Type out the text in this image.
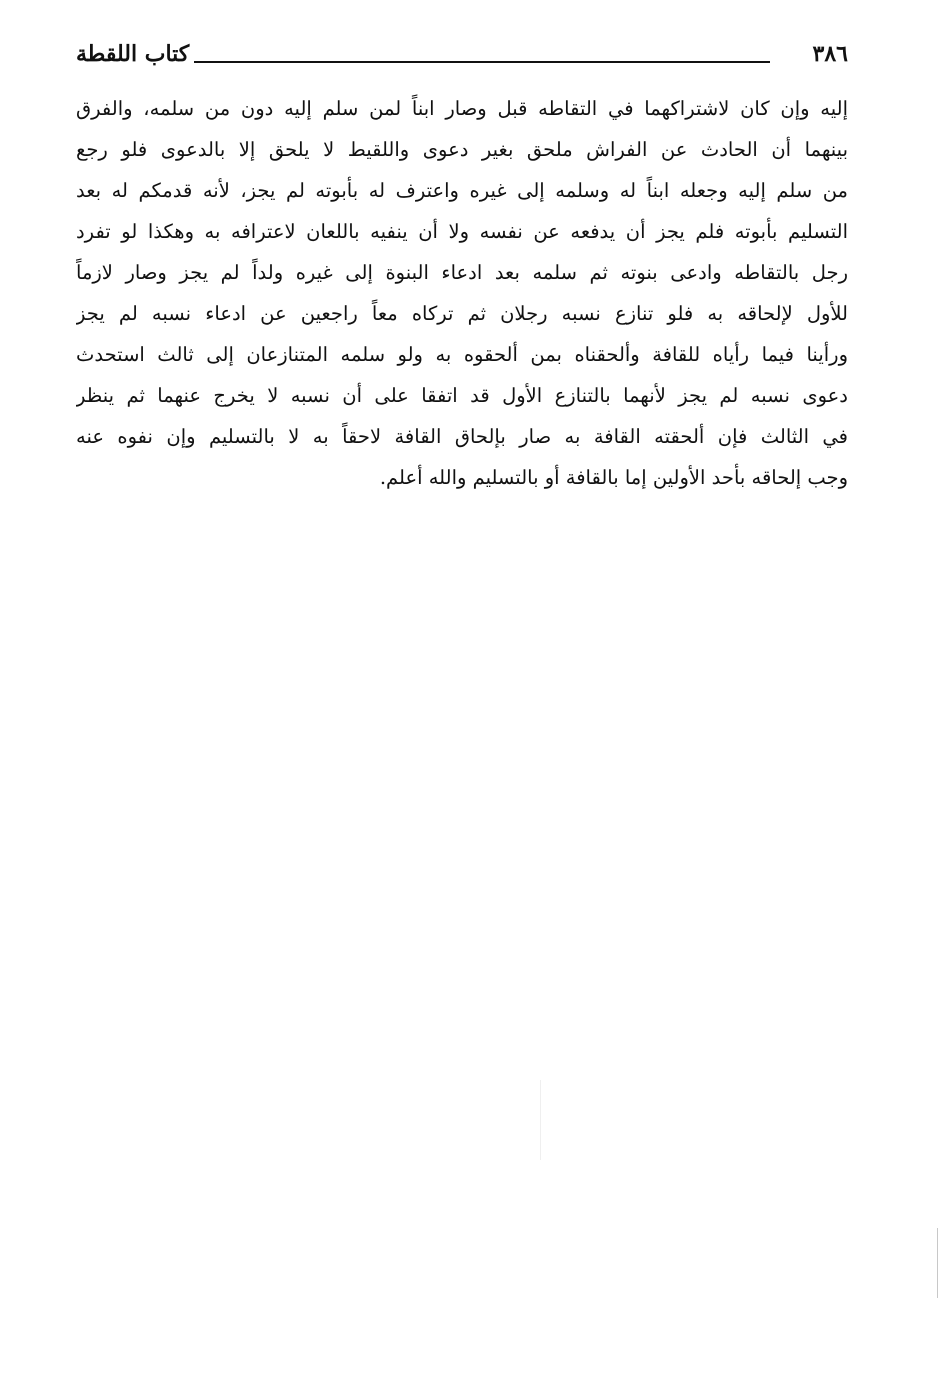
٣٨٦
كتاب اللقطة
إليه وإن كان لاشتراكهما في التقاطه قبل وصار ابناً لمن سلم إليه دون من سلمه، والفرق
بينهما أن الحادث عن الفراش ملحق بغير دعوى واللقيط لا يلحق إلا بالدعوى فلو رجع
من سلم إليه وجعله ابناً له وسلمه إلى غيره واعترف له بأبوته لم يجز، لأنه قدمكم له بعد
التسليم بأبوته فلم يجز أن يدفعه عن نفسه ولا أن ينفيه باللعان لاعترافه به وهكذا لو تفرد
رجل بالتقاطه وادعى بنوته ثم سلمه بعد ادعاء البنوة إلى غيره ولداً لم يجز وصار لازماً
للأول لإلحاقه به فلو تنازع نسبه رجلان ثم تركاه معاً راجعين عن ادعاء نسبه لم يجز
ورأينا فيما رأياه للقافة وألحقناه بمن ألحقوه به ولو سلمه المتنازعان إلى ثالث استحدث
دعوى نسبه لم يجز لأنهما بالتنازع الأول قد اتفقا على أن نسبه لا يخرج عنهما ثم ينظر
في الثالث فإن ألحقته القافة به صار بإلحاق القافة لاحقاً به لا بالتسليم وإن نفوه عنه
وجب إلحاقه بأحد الأولين إما بالقافة أو بالتسليم والله أعلم.
